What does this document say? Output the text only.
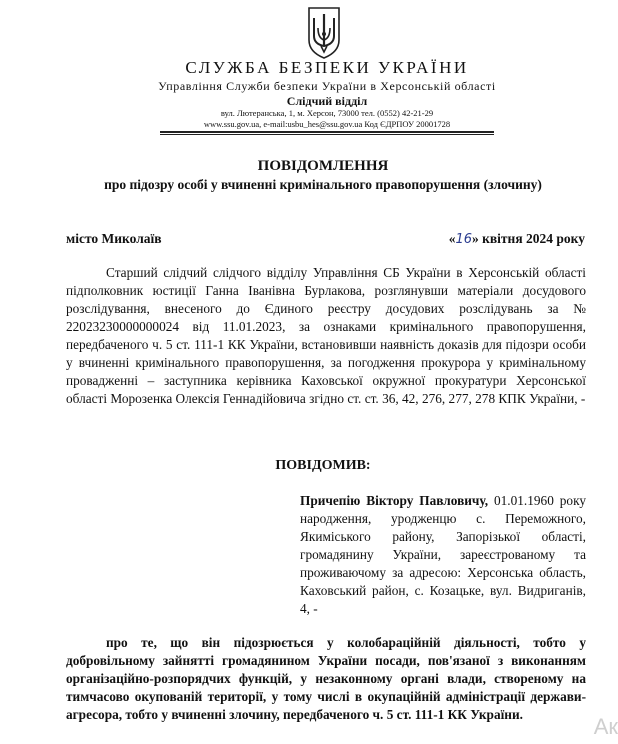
СЛУЖБА БЕЗПЕКИ УКРАЇНИ
Управління Служби безпеки України в Херсонській області
Слідчий відділ
вул. Лютеранська, 1, м. Херсон, 73000 тел. (0552) 42-21-29
www.ssu.gov.ua, e-mail:usbu_hes@ssu.gov.ua Код ЄДРПОУ 20001728
ПОВІДОМЛЕННЯ
про підозру особі у вчиненні кримінального правопорушення (злочину)
місто Миколаїв	«16» квітня 2024 року
Старший слідчий слідчого відділу Управління СБ України в Херсонській області підполковник юстиції Ганна Іванівна Бурлакова, розглянувши матеріали досудового розслідування, внесеного до Єдиного реєстру досудових розслідувань за № 22023230000000024 від 11.01.2023, за ознаками кримінального правопорушення, передбаченого ч. 5 ст. 111-1 КК України, встановивши наявність доказів для підозри особи у вчиненні кримінального правопорушення, за погодження прокурора у кримінальному провадженні – заступника керівника Каховської окружної прокуратури Херсонської області Морозенка Олексія Геннадійовича згідно ст. ст. 36, 42, 276, 277, 278 КПК України, -
ПОВІДОМИВ:
Причепію Віктору Павловичу, 01.01.1960 року народження, уродженцю с. Переможного, Якимiського району, Запорізької області, громадянину України, зареєстрованому та проживаючому за адресою: Херсонська область, Каховський район, с. Козацьке, вул. Видриганів, 4, -
про те, що він підозрюється у колобараційній діяльності, тобто у добровільному зайнятті громадянином України посади, пов'язаної з виконанням організаційно-розпорядчих функцій, у незаконному органі влади, створеному на тимчасово окупованій території, у тому числі в окупаційній адміністрації держави-агресора, тобто у вчиненні злочину, передбаченого ч. 5 ст. 111-1 КК України.	Ак
